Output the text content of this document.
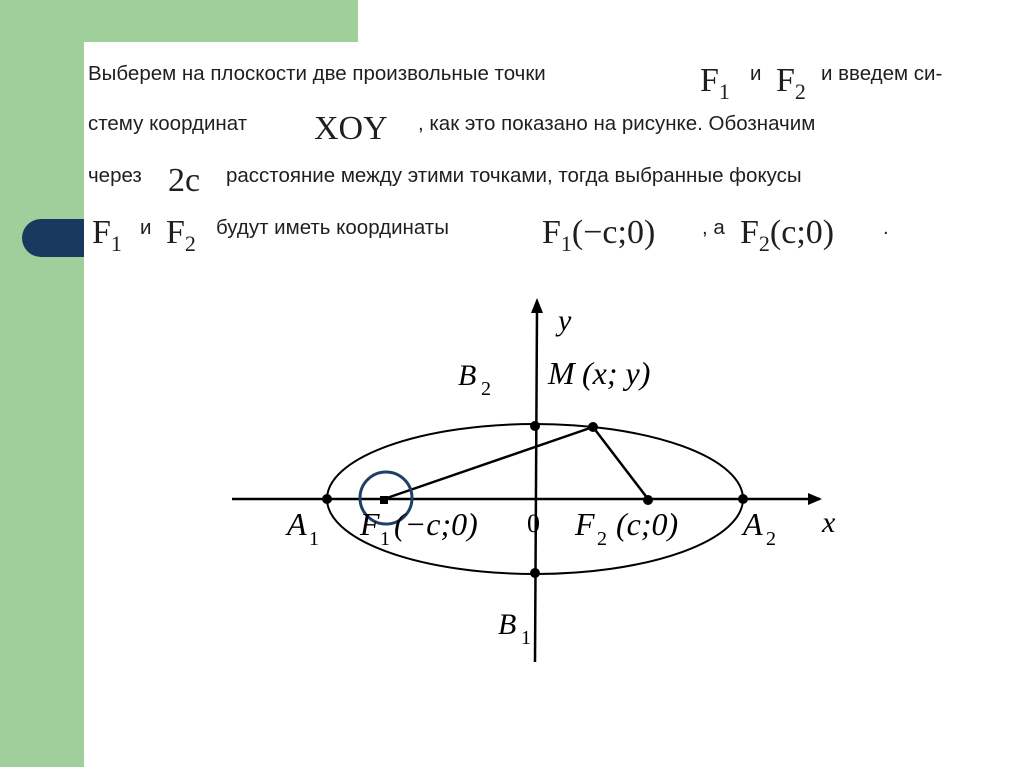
Выберем на плоскости две произвольные точки	$F_1$
и $F_2$
и введем си-
стему координат XOY , как это показано на рисунке. Обозначим
через 2c расстояние между этими точками, тогда выбранные фокусы
$F_1$
и $F_2$
будут иметь координаты	$F_1(-c;0)$ , а $F_2(c;0)$ .
y
x
0
B 2
B 1
M (x; y)
A 1 F 1 (−c;0)	F 2 (c;0) A 2
